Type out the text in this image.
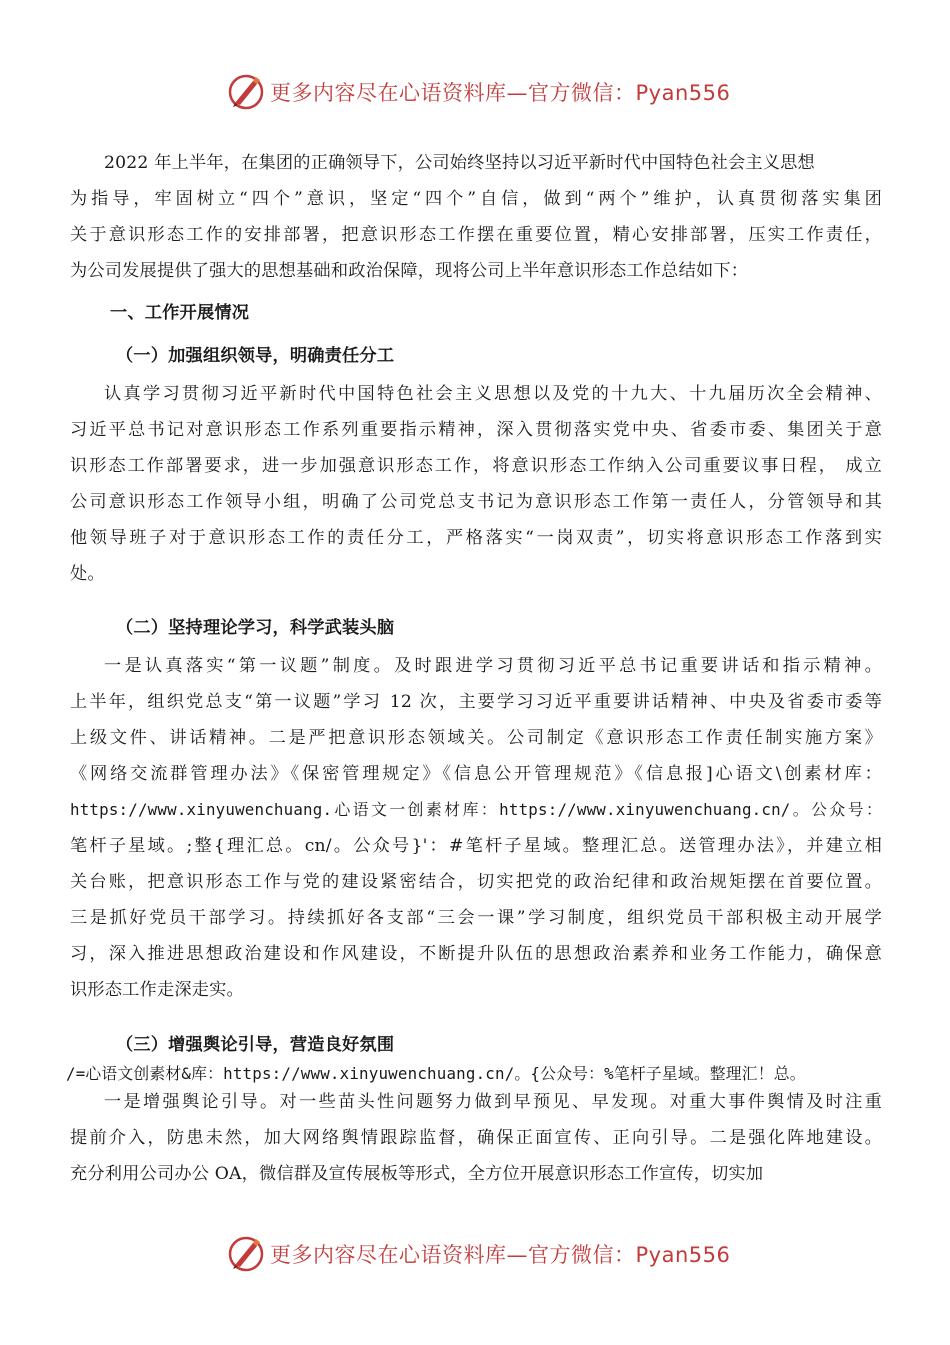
更多内容尽在心语资料库—官方微信：Pyan556
2022 年上半年，在集团的正确领导下，公司始终坚持以习近平新时代中国特色社会主义思想
为指导，牢固树立“四个”意识，坚定“四个”自信，做到“两个”维护，认真贯彻落实集团
关于意识形态工作的安排部署，把意识形态工作摆在重要位置，精心安排部署，压实工作责任，
为公司发展提供了强大的思想基础和政治保障，现将公司上半年意识形态工作总结如下：
一、工作开展情况
（一）加强组织领导，明确责任分工
认真学习贯彻习近平新时代中国特色社会主义思想以及党的十九大、十九届历次全会精神、
习近平总书记对意识形态工作系列重要指示精神，深入贯彻落实党中央、省委市委、集团关于意
识形态工作部署要求，进一步加强意识形态工作，将意识形态工作纳入公司重要议事日程， 成立
公司意识形态工作领导小组，明确了公司党总支书记为意识形态工作第一责任人，分管领导和其
他领导班子对于意识形态工作的责任分工，严格落实“一岗双责”，切实将意识形态工作落到实
处。
（二）坚持理论学习，科学武装头脑
一是认真落实“第一议题”制度。及时跟进学习贯彻习近平总书记重要讲话和指示精神。
上半年，组织党总支“第一议题”学习 12 次，主要学习习近平重要讲话精神、中央及省委市委等
上级文件、讲话精神。二是严把意识形态领域关。公司制定《意识形态工作责任制实施方案》
《网络交流群管理办法》《保密管理规定》《信息公开管理规范》《信息报]心语文\创素材库：
https://www.xinyuwenchuang.心语文一创素材库：https://www.xinyuwenchuang.cn/。公众号：
笔杆子星域。;整{理汇总。cn/。公众号}'：#笔杆子星域。整理汇总。送管理办法》，并建立相
关台账，把意识形态工作与党的建设紧密结合，切实把党的政治纪律和政治规矩摆在首要位置。
三是抓好党员干部学习。持续抓好各支部“三会一课”学习制度，组织党员干部积极主动开展学
习，深入推进思想政治建设和作风建设，不断提升队伍的思想政治素养和业务工作能力，确保意
识形态工作走深走实。
（三）增强舆论引导，营造良好氛围
/=心语文创素材&库：https://www.xinyuwenchuang.cn/。{公众号：%笔杆子星域。整理汇！总。
一是增强舆论引导。对一些苗头性问题努力做到早预见、早发现。对重大事件舆情及时注重
提前介入，防患未然，加大网络舆情跟踪监督，确保正面宣传、正向引导。二是强化阵地建设。
充分利用公司办公 OA，微信群及宣传展板等形式，全方位开展意识形态工作宣传，切实加
更多内容尽在心语资料库—官方微信：Pyan556
